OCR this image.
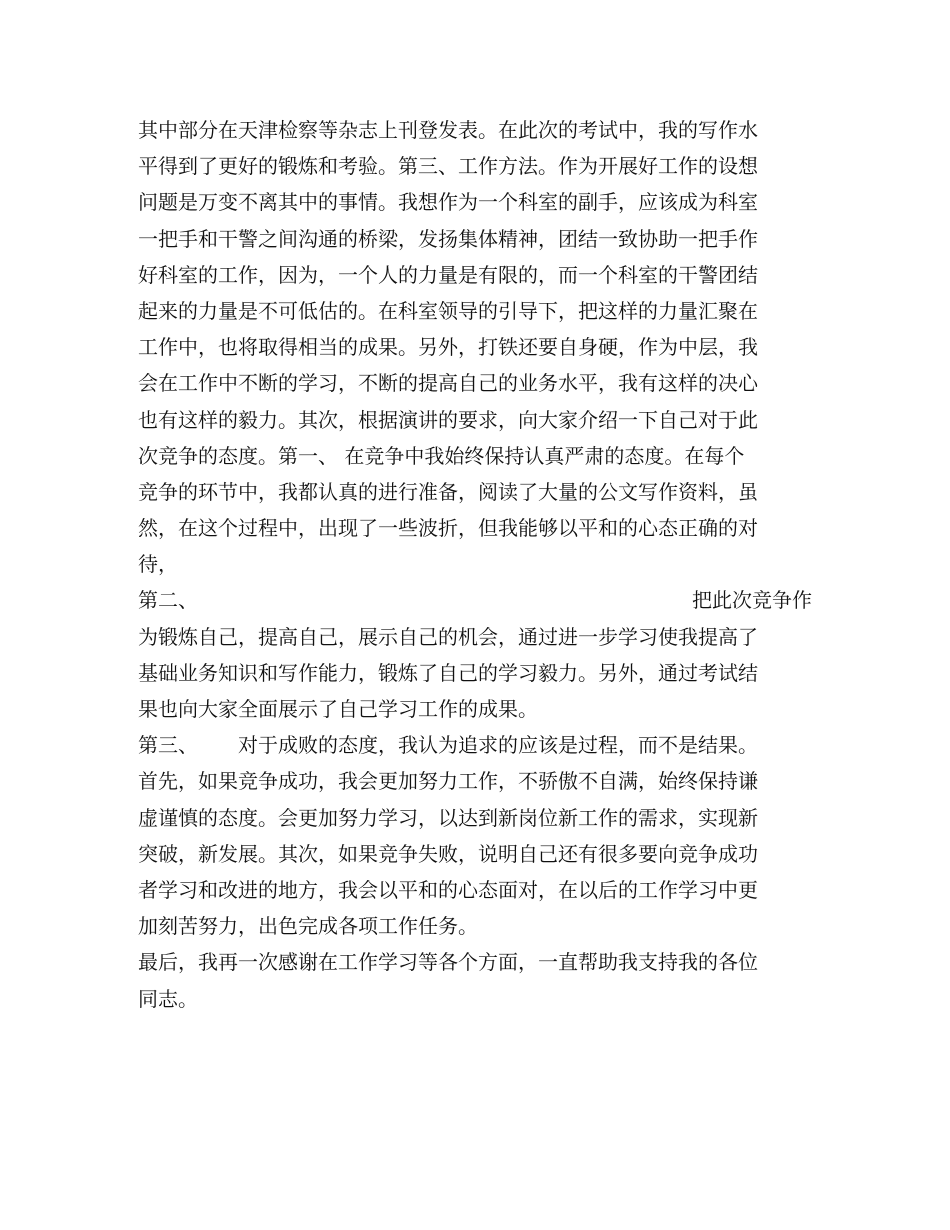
其中部分在天津检察等杂志上刊登发表。在此次的考试中，我的写作水
平得到了更好的锻炼和考验。第三、工作方法。作为开展好工作的设想
问题是万变不离其中的事情。我想作为一个科室的副手，应该成为科室
一把手和干警之间沟通的桥梁，发扬集体精神，团结一致协助一把手作
好科室的工作，因为，一个人的力量是有限的，而一个科室的干警团结
起来的力量是不可低估的。在科室领导的引导下，把这样的力量汇聚在
工作中，也将取得相当的成果。另外，打铁还要自身硬，作为中层，我
会在工作中不断的学习，不断的提高自己的业务水平，我有这样的决心
也有这样的毅力。其次，根据演讲的要求，向大家介绍一下自己对于此
次竞争的态度。第一、 在竞争中我始终保持认真严肃的态度。在每个
竞争的环节中，我都认真的进行准备，阅读了大量的公文写作资料，虽
然，在这个过程中，出现了一些波折，但我能够以平和的心态正确的对
待，
第二、	把此次竞争作
为锻炼自己，提高自己，展示自己的机会，通过进一步学习使我提高了
基础业务知识和写作能力，锻炼了自己的学习毅力。另外，通过考试结
果也向大家全面展示了自己学习工作的成果。
第三、 对于成败的态度，我认为追求的应该是过程，而不是结果。
首先，如果竞争成功，我会更加努力工作，不骄傲不自满，始终保持谦
虚谨慎的态度。会更加努力学习，以达到新岗位新工作的需求，实现新
突破，新发展。其次，如果竞争失败，说明自己还有很多要向竞争成功
者学习和改进的地方，我会以平和的心态面对，在以后的工作学习中更
加刻苦努力，出色完成各项工作任务。
最后，我再一次感谢在工作学习等各个方面，一直帮助我支持我的各位
同志。
